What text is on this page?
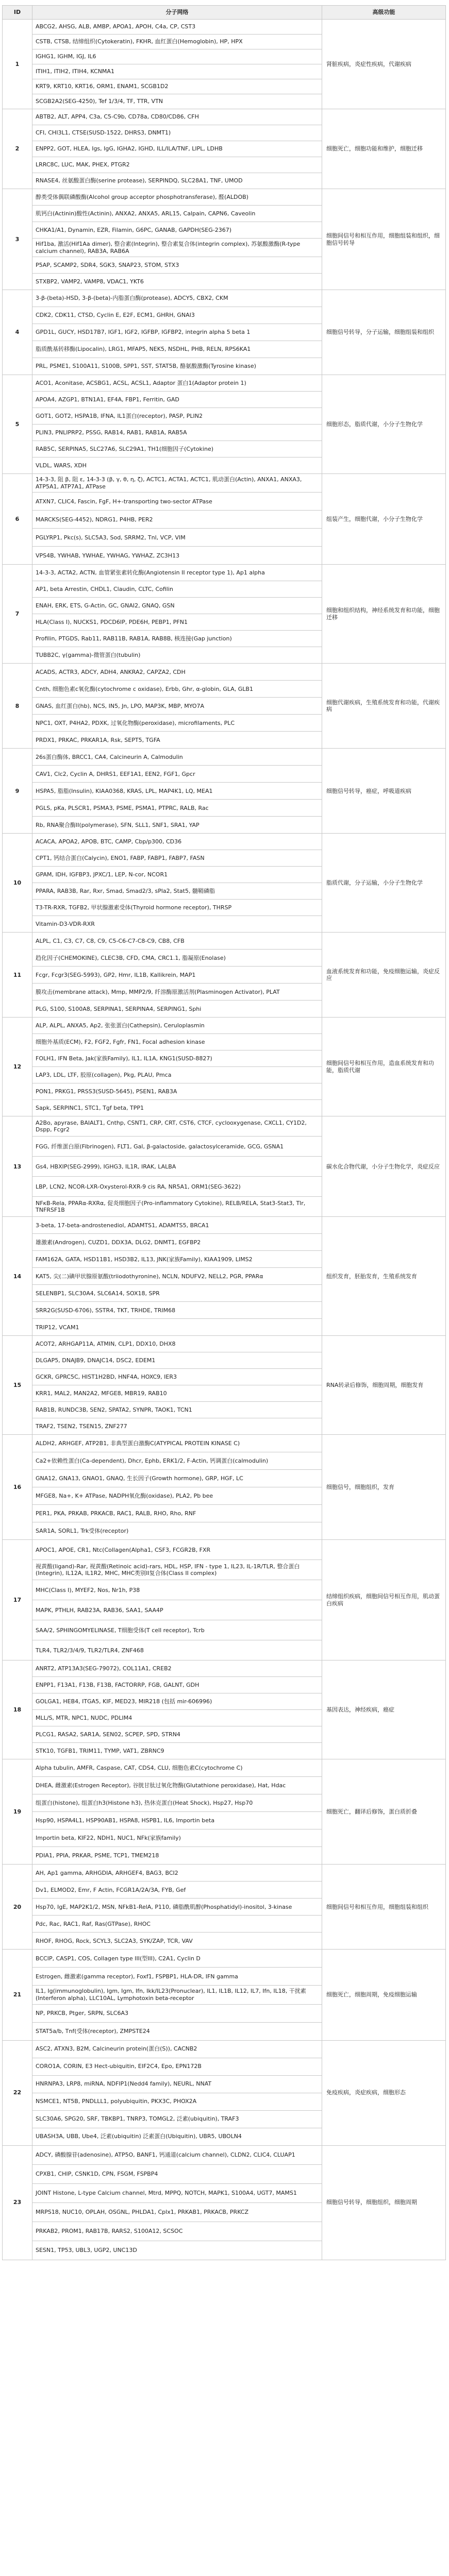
ID	分子网络	高级功能
1	ABCG2, AHSG, ALB, AMBP, APOA1, APOH, C4a, CP, CST3	肾脏疾病，炎症性疾病，代谢疾病
	CSTB, CTSB, 结缔组织(Cytokeratin), FKHR, 血红蛋白(Hemoglobin), HP, HPX	
	IGHG1, IGHM, IGJ, IL6	
	ITIH1, ITIH2, ITIH4, KCNMA1	
	KRT9, KRT10, KRT16, ORM1, ENAM1, SCGB1D2	
	SCGB2A2(SEG-4250), Tef 1/3/4, TF, TTR, VTN	
2	ABTB2, ALT, APP4, C3a, C5-C9b, CD78a, CD80/CD86, CFH	细胞死亡，细胞功能和维护，细胞迁移
	CFI, CHI3L1, CTSE(SUSD-1522, DHRS3, DNMT1)	
	ENPP2, GOT, HLEA, Igs, IgG, IGHA2, IGHD, ILL/ILA/TNF, LIPL, LDHB	
	LRRC8C, LUC, MAK, PHEX, PTGR2	
	RNASE4, 丝氨酸蛋白酶(serine protease), SERPINDQ, SLC28A1, TNF, UMOD	
3	醇类受体偶联磷酸酶(Alcohol group acceptor phosphotransferase), 醛(ALDOB)	细胞间信号和相互作用，细胞组装和组织，细胞信号转导
	肌钙白(Actinin)酸性(Actinin), ANXA2, ANXA5, ARL15, Calpain, CAPN6, Caveolin	
	CHKA1/A1, Dynamin, EZR, Filamin, G6PC, GANAB, GAPDH(SEG-2367)	
	Hif1ba, 激活(Hif1Aa dimer), 整合素(Integrin), 整合素复合体(integrin complex), 苏氨酸激酶(R-type calcium channel), RAB3A, RAB6A	
	P5AP, SCAMP2, SDR4, SGK3, SNAP23, STOM, STX3	
	STXBP2, VAMP2, VAMP8, VDAC1, YKT6	
4	3-β-(beta)-HSD, 3-β-(beta)-内脂蛋白酶(protease), ADCY5, CBX2, CKM	细胞信号转导，分子运输，细胞组装和组织
	CDK2, CDK11, CTSD, Cyclin E, E2F, ECM1, GHRH, GNAI3	
	GPD1L, GUCY, HSD17B7, IGF1, IGF2, IGFBP, IGFBP2, integrin alpha 5 beta 1	
	脂质酰基转移酶(Lipocalin), LRG1, MFAP5, NEK5, NSDHL, PHB, RELN, RPS6KA1	
	PRL, PSME1, S100A11, S100B, SPP1, SST, STAT5B, 酪氨酸激酶(Tyrosine kinase)	
5	ACO1, Aconitase, ACSBG1, ACSL, ACSL1, Adaptor 蛋白1(Adaptor protein 1)	细胞形态，脂质代谢，小分子生物化学
	APOA4, AZGP1, BTN1A1, EF4A, FBP1, Ferritin, GAD	
	GOT1, GOT2, HSPA1B, IFNA, IL1蛋白(receptor), PASP, PLIN2	
	PLIN3, PNLIPRP2, PSSG, RAB14, RAB1, RAB1A, RAB5A	
	RAB5C, SERPINA5, SLC27A6, SLC29A1, TH1(细胞因子(Cytokine)	
	VLDL, WARS, XDH	
6	14-3-3, 阻 β, 阻 ε, 14-3-3 (β, γ, θ, η, ζ), ACTC1, ACTA1, ACTC1, 肌动蛋白(Actin), ANXA1, ANXA3, ATP5A1, ATP7A1, ATPase	组装产生，细胞代谢，小分子生物化学
	ATXN7, CLIC4, Fascin, FgF, H+-transporting two-sector ATPase	
	MARCKS(SEG-4452), NDRG1, P4HB, PER2	
	PGLYRP1, Pkc(s), SLC5A3, Sod, SRRM2, Tnl, VCP, VIM	
	VPS4B, YWHAB, YWHAE, YWHAG, YWHAZ, ZC3H13	
7	14-3-3, ACTA2, ACTN, 血管紧张素转化酶(Angiotensin II receptor type 1), Ap1 alpha	细胞和组织结构，神经系统发育和功能，细胞迁移
	AP1, beta Arrestin, CHDL1, Claudin, CLTC, Cofilin	
	ENAH, ERK, ETS, G-Actin, GC, GNAI2, GNAQ, GSN	
	HLA(Class I), NUCKS1, PDCD6IP, PDE6H, PEBP1, PFN1	
	Profilin, PTGDS, Rab11, RAB11B, RAB1A, RAB8B, 核连接(Gap junction)	
	TUBB2C, γ(gamma)-微管蛋白(tubulin)	
8	ACADS, ACTR3, ADCY, ADH4, ANKRA2, CAPZA2, CDH	细胞代谢疾病，生殖系统发育和功能，代谢疾病
	Cnth, 细胞色素c氧化酶(cytochrome c oxidase), Erbb, Ghr, α-globin, GLA, GLB1	
	GNAS, 血红蛋白(hb), NCS, IN5, Jn, LPO, MAP3K, MBP, MYO7A	
	NPC1, OXT, P4HA2, PDXK, 过氧化物酶(peroxidase), microfilaments, PLC	
	PRDX1, PRKAC, PRKAR1A, Rsk, SEPT5, TGFA	
9	26s蛋白酶体, BRCC1, CA4, Calcineurin A, Calmodulin	细胞信号转导，癌症，呼吸道疾病
	CAV1, Clc2, Cyclin A, DHRS1, EEF1A1, EEN2, FGF1, Gpcr	
	HSPA5, 脂脂(Insulin), KIAA0368, KRAS, LPL, MAP4K1, LQ, MEA1	
	PGLS, pKa, PLSCR1, PSMA3, PSME, PSMA1, PTPRC, RALB, Rac	
	Rb, RNA聚合酶II(polymerase), SFN, SLL1, SNF1, SRA1, YAP	
10	ACACA, APOA2, APOB, BTC, CAMP, Cbp/p300, CD36	脂质代谢，分子运输，小分子生物化学
	CPT1, 钙结合蛋白(Calycin), ENO1, FABP, FABP1, FABP7, FASN	
	GPAM, IDH, IGFBP3, JPXC/1, LEP, N-cor, NCOR1	
	PPARA, RAB3B, Rar, Rxr, Smad, Smad2/3, sPla2, Stat5, 髓鞘磷脂	
	T3-TR-RXR, TGFB2, 甲状腺激素受体(Thyroid hormone receptor), THRSP	
	Vitamin-D3-VDR-RXR	
11	ALPL, C1, C3, C7, C8, C9, C5-C6-C7-C8-C9, CB8, CFB	血液系统发育和功能，免疫细胞运输，炎症反应
	趋化因子(CHEMOKINE), CLEC3B, CFD, CMA, CRC1.1, 脂凝原(Enolase)	
	Fcgr, Fcgr3(SEG-5993), GP2, Hmr, IL1B, Kallikrein, MAP1	
	膜攻击(membrane attack), Mmp, MMP2/9, 纤溶酶原激活剂(Plasminogen Activator), PLAT	
	PLG, S100, S100A8, SERPINA1, SERPINA4, SERPING1, Sphi	
12	ALP, ALPL, ANXA5, Ap2, 张张蛋白(Cathepsin), Ceruloplasmin	细胞间信号和相互作用，造血系统发育和功能，脂质代谢
	细胞外基质(ECM), F2, FGF2, Fgfr, FN1, Focal adhesion kinase	
	FOLH1, IFN Beta, Jak(家族Family), IL1, IL1A, KNG1(SUSD-8827)	
	LAP3, LDL, LTF, 胶原(collagen), Pkg, PLAU, Pmca	
	PON1, PRKG1, PRSS3(SUSD-5645), PSEN1, RAB3A	
	Sapk, SERPINC1, STC1, Tgf beta, TPP1	
13	A2Bo, apyrase, BAIALT1, Cnthp, CSNT1, CRP, CRT, CST6, CTCF, cyclooxygenase, CXCL1, CY1D2, Dspp, Fcgr2	碳水化合物代谢，小分子生物化学，炎症反应
	FGG, 纤维蛋白原(Fibrinogen), FLT1, Gal, β-galactoside, galactosylceramide, GCG, GSNA1	
	Gs4, HBXIP(SEG-2999), IGHG3, IL1R, IRAK, LALBA	
	LBP, LCN2, NCOR-LXR-Oxysterol-RXR-9 cis RA, NR5A1, ORM1(SEG-3622)	
	NFκB-Rela, PPARα-RXRα, 促炎细胞因子(Pro-inflammatory Cytokine), RELB/RELA, Stat3-Stat3, Tlr, TNFRSF1B	
14	3-beta, 17-beta-androstenediol, ADAMTS1, ADAMTS5, BRCA1	组织发育，胚胎发育，生殖系统发育
	雄激素(Androgen), CUZD1, DDX3A, DLG2, DNMT1, EGFBP2	
	FAM162A, GATA, HSD11B1, HSD3B2, IL13, JNK(家族Family), KIAA1909, LIMS2	
	KAT5, 尖(二)碘甲状腺原氨酸(triiodothyronine), NCLN, NDUFV2, NELL2, PGR, PPARα	
	SELENBP1, SLC30A4, SLC6A14, SOX18, SPR	
	SRR2G(SUSD-6706), SSTR4, TKT, TRHDE, TRIM68	
	TRIP12, VCAM1	
15	ACOT2, ARHGAP11A, ATMIN, CLP1, DDX10, DHX8	RNA转录后修饰，细胞周期，细胞发育
	DLGAP5, DNAJB9, DNAJC14, DSC2, EDEM1	
	GCKR, GPRC5C, HIST1H2BD, HNF4A, HOXC9, IER3	
	KRR1, MAL2, MAN2A2, MFGE8, MBR19, RAB10	
	RAB1B, RUNDC3B, SEN2, SPATA2, SYNPR, TAOK1, TCN1	
	TRAF2, TSEN2, TSEN15, ZNF277	
16	ALDH2, ARHGEF, ATP2B1, 非典型蛋白激酶C(ATYPICAL PROTEIN KINASE C)	细胞信号，细胞组织，发育
	Ca2+依赖性蛋白(Ca-dependent), Dhcr, Ephb, ERK1/2, F-Actin, 钙调蛋白(calmodulin)	
	GNA12, GNA13, GNAO1, GNAQ, 生长因子(Growth hormone), GRP, HGF, LC	
	MFGE8, Na+, K+ ATPase, NADPH氧化酶(oxidase), PLA2, Pb bee	
	PER1, PKA, PRKAB, PRKACB, RAC1, RALB, RHO, Rho, RNF	
	SAR1A, SORL1, Trk受体(receptor)	
17	APOC1, APOE, CR1, Ntc(Collagen(Alpha1, CSF3, FCGR2B, FXR	结缔组织疾病，细胞间信号相互作用，肌动蛋白疾病
	视黄酸(ligand)-Rar, 视黄酸(Retinoic acid)-rars, HDL, HSP, IFN - type 1, IL23, IL-1R/TLR, 整合蛋白(Integrin), IL12A, IL1R2, MHC, MHC类别II复合体(Class II complex)	
	MHC(Class I), MYEF2, Nos, Nr1h, P38	
	MAPK, PTHLH, RAB23A, RAB36, SAA1, SAA4P	
	SAA/2, SPHINGOMYELINASE, T细胞受体(T cell receptor), Tcrb	
	TLR4, TLR2/3/4/9, TLR2/TLR4, ZNF468	
18	ANRT2, ATP13A3(SEG-79072), COL11A1, CREB2	基因表达，神经疾病，癌症
	ENPP1, F13A1, F13B, F13B, FACTORRP, FGB, GALNT, GDH	
	GOLGA1, HEB4, ITGA5, KIF, MED23, MIR218 (包括 mir-606996)	
	MLL/S, MTR, NPC1, NUDC, PDLIM4	
	PLCG1, RASA2, SAR1A, SEN02, SCPEP, SPD, STRN4	
	STK10, TGFB1, TRIM11, TYMP, VAT1, ZBRNC9	
19	Alpha tubulin, AMFR, Caspase, CAT, CDS4, CLU, 细胞色素C(cytochrome C)	细胞死亡，翻译后修饰，蛋白质折叠
	DHEA, 雌激素(Estrogen Receptor), 谷胱甘肽过氧化物酶(Glutathione peroxidase), Hat, Hdac	
	组蛋白(histone), 组蛋白h3(Histone h3), 热休克蛋白(Heat Shock), Hsp27, Hsp70	
	Hsp90, HSPA4L1, HSP90AB1, HSPA8, HSPB1, IL6, Importin beta	
	Importin beta, KIF22, NDH1, NUC1, NFk(家族family)	
	PDIA1, PPIA, PRKAR, PSME, TCP1, TMEM218	
20	AH, Ap1 gamma, ARHGDIA, ARHGEF4, BAG3, BCI2	细胞间信号和相互作用，细胞组装和组织
	Dv1, ELMOD2, Emr, F Actin, FCGR1A/2A/3A, FYB, Gef	
	Hsp70, IgE, MAP2K1/2, MSN, NFkB1-RelA, P110, 磷脂酰肌醇(Phosphatidyl)-inositol, 3-kinase	
	Pdc, Rac, RAC1, Raf, Ras(GTPase), RHOC	
	RHOF, RHOG, Rock, SCYL3, SLC2A3, SYK/ZAP, TCR, VAV	
21	BCCIP, CASP1, COS, Collagen type III(型III), C2A1, Cyclin D	细胞死亡，细胞周期，免疫细胞运输
	Estrogen, 雌激素(gamma receptor), Foxf1, FSPBP1, HLA-DR, IFN gamma	
	IL1, Ig(immunoglobulin), Igm, Igm, Ifn, Ikk/IL23(Pronuclear), IL1, IL1B, IL12, IL7, Ifn, IL18, 干扰素(Interferon alpha), LLC10AL, Lymphotoxin beta-receptor	
	NP, PRKCB, Ptger, SRPN, SLC6A3	
	STAT5a/b, Tnf(受体(receptor), ZMPSTE24	
22	ASC2, ATXN3, B2M, Calcineurin protein(蛋白(S)), CACNB2	免疫疾病，炎症疾病，细胞形态
	CORO1A, CORIN, E3 Hect-ubiquitin, EIF2C4, Epo, EPN172B	
	HNRNPA3, LRP8, miRNA, NDFIP1(Nedd4 family), NEURL, NNAT	
	NSMCE1, NT5B, PNDLLL1, polyubiquitin, PKX3C, PHOX2A	
	SLC30A6, SPG20, SRF, TBKBP1, TNRP3, TOMGL2, 泛素(ubiquitin), TRAF3	
	UBASH3A, UBB, Ube4, 泛素(ubiquitin) 泛素蛋白(Ubiquitin), UBR5, UBOLN4	
23	ADCY, 磷酸腺苷(adenosine), ATP5O, BANF1, 钙通道(calcium channel), CLDN2, CLIC4, CLUAP1	细胞信号转导，细胞组织，细胞周期
	CPXB1, CHIP, CSNK1D, CPN, FSGM, FSPBP4	
	JOINT Histone, L-type Calcium channel, Mtrd, MPPQ, NOTCH, MAPK1, S100A4, UGT7, MAMS1	
	MRPS18, NUC10, OPLAH, OSGNL, PHLDA1, Cplx1, PRKAB1, PRKACB, PRKCZ	
	PRKAB2, PROM1, RAB17B, RARS2, S100A12, SCSOC	
	SESN1, TP53, UBL3, UGP2, UNC13D	
